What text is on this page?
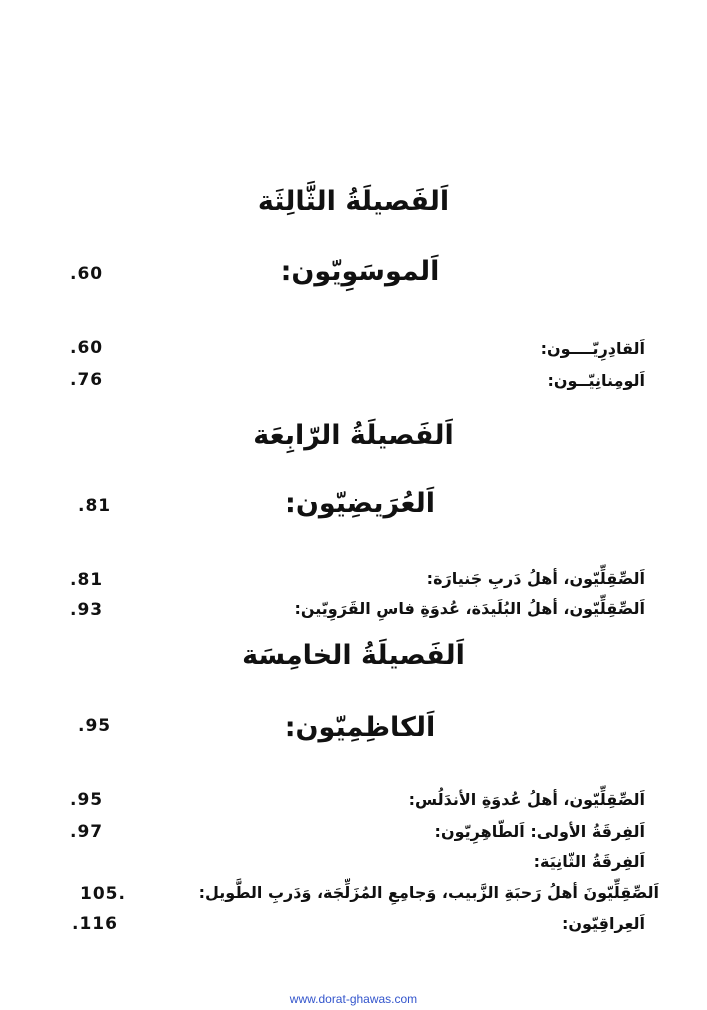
اَلفَصيلَةُ الثَّالِثَة
اَلموسَوِيّون:
.60
اَلقادِرِيّــــون:
.60
اَلومِنانِيّــون:
.76
اَلفَصيلَةُ الرّابِعَة
اَلعُرَيضِيّون:
.81
اَلصِّقِلِّيّون، أهلُ دَربِ جَنيارَة:
.81
اَلصِّقِلِّيّون، أهلُ البُلَيدَة، عُدوَةِ فاسِ القَرَوِيّين:
.93
اَلفَصيلَةُ الخامِسَة
اَلكاظِمِيّون:
.95
اَلصِّقِلِّيّون، أهلُ عُدوَةِ الأندَلُس:
.95
اَلفِرقَةُ الأولى: اَلطّاهِرِيّون:
.97
اَلفِرقَةُ الثّانِيَة:
اَلصِّقِلِّيّونَ أهلُ رَحبَةِ الزَّبيب، وَجامِعِ المُزَلِّجَة، وَدَربِ الطَّويل:
105.
اَلعِراقِيّون:
.116
www.dorat-ghawas.com
